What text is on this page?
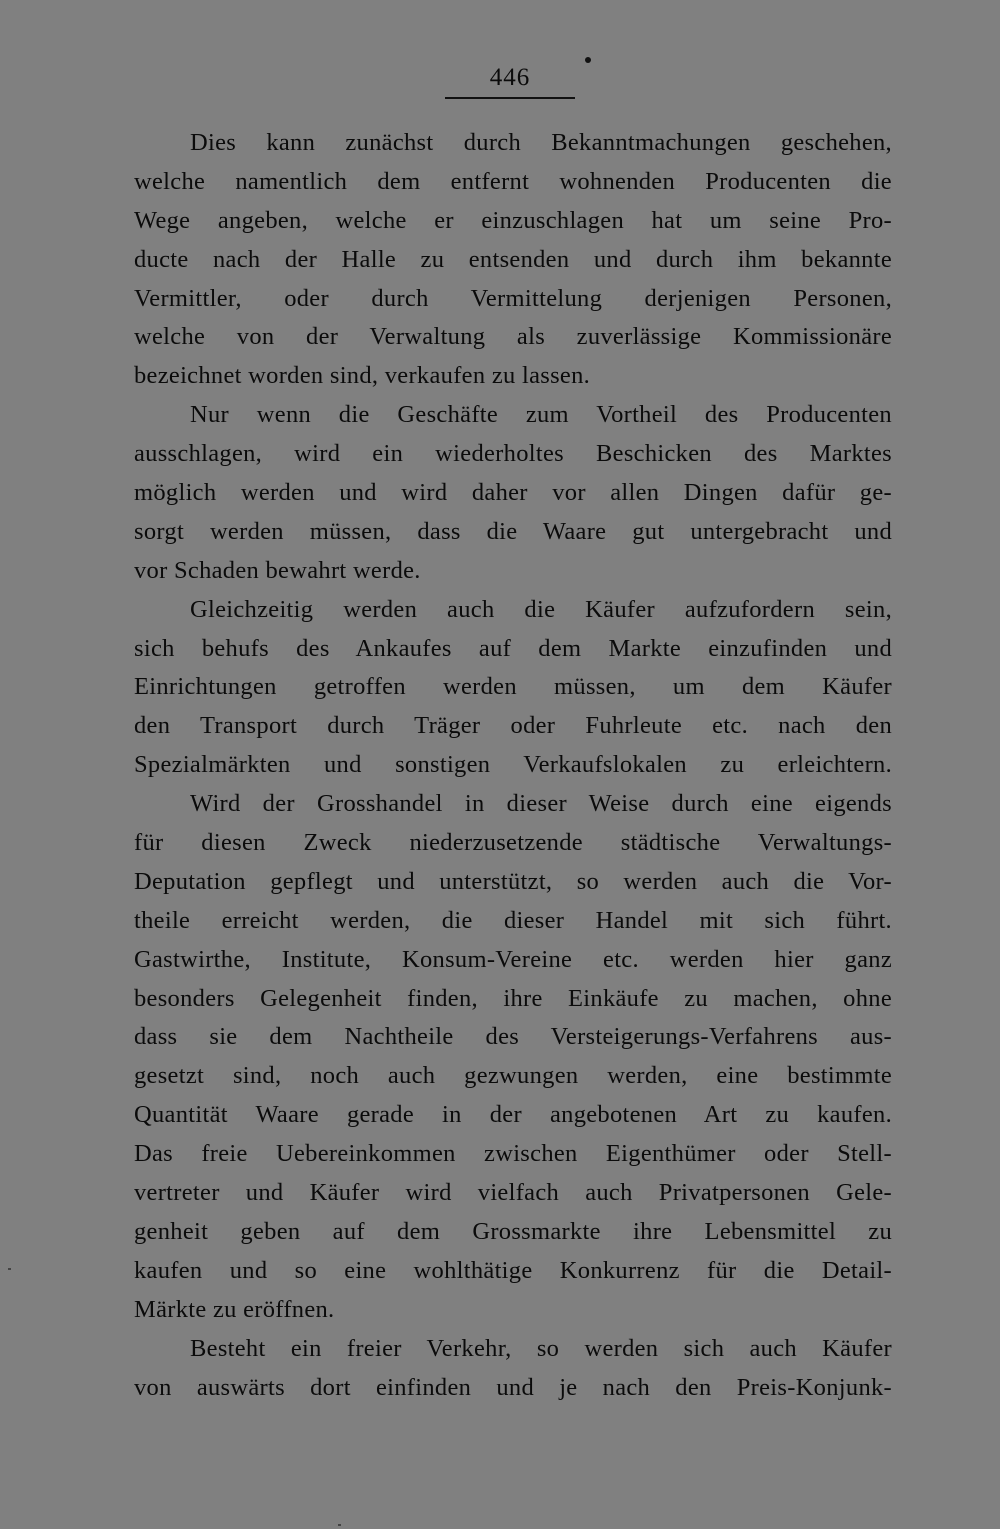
446
Dies kann zunächst durch Bekanntmachungen geschehen,
welche namentlich dem entfernt wohnenden Producenten die
Wege angeben, welche er einzuschlagen hat um seine Pro-
ducte nach der Halle zu entsenden und durch ihm bekannte
Vermittler, oder durch Vermittelung derjenigen Personen,
welche von der Verwaltung als zuverlässige Kommissionäre
bezeichnet worden sind, verkaufen zu lassen.
Nur wenn die Geschäfte zum Vortheil des Producenten
ausschlagen, wird ein wiederholtes Beschicken des Marktes
möglich werden und wird daher vor allen Dingen dafür ge-
sorgt werden müssen, dass die Waare gut untergebracht und
vor Schaden bewahrt werde.
Gleichzeitig werden auch die Käufer aufzufordern sein,
sich behufs des Ankaufes auf dem Markte einzufinden und
Einrichtungen getroffen werden müssen, um dem Käufer
den Transport durch Träger oder Fuhrleute etc. nach den
Spezialmärkten und sonstigen Verkaufslokalen zu erleichtern.
Wird der Grosshandel in dieser Weise durch eine eigends
für diesen Zweck niederzusetzende städtische Verwaltungs-
Deputation gepflegt und unterstützt, so werden auch die Vor-
theile erreicht werden, die dieser Handel mit sich führt.
Gastwirthe, Institute, Konsum-Vereine etc. werden hier ganz
besonders Gelegenheit finden, ihre Einkäufe zu machen, ohne
dass sie dem Nachtheile des Versteigerungs-Verfahrens aus-
gesetzt sind, noch auch gezwungen werden, eine bestimmte
Quantität Waare gerade in der angebotenen Art zu kaufen.
Das freie Uebereinkommen zwischen Eigenthümer oder Stell-
vertreter und Käufer wird vielfach auch Privatpersonen Gele-
genheit geben auf dem Grossmarkte ihre Lebensmittel zu
kaufen und so eine wohlthätige Konkurrenz für die Detail-
Märkte zu eröffnen.
Besteht ein freier Verkehr, so werden sich auch Käufer
von auswärts dort einfinden und je nach den Preis-Konjunk-
